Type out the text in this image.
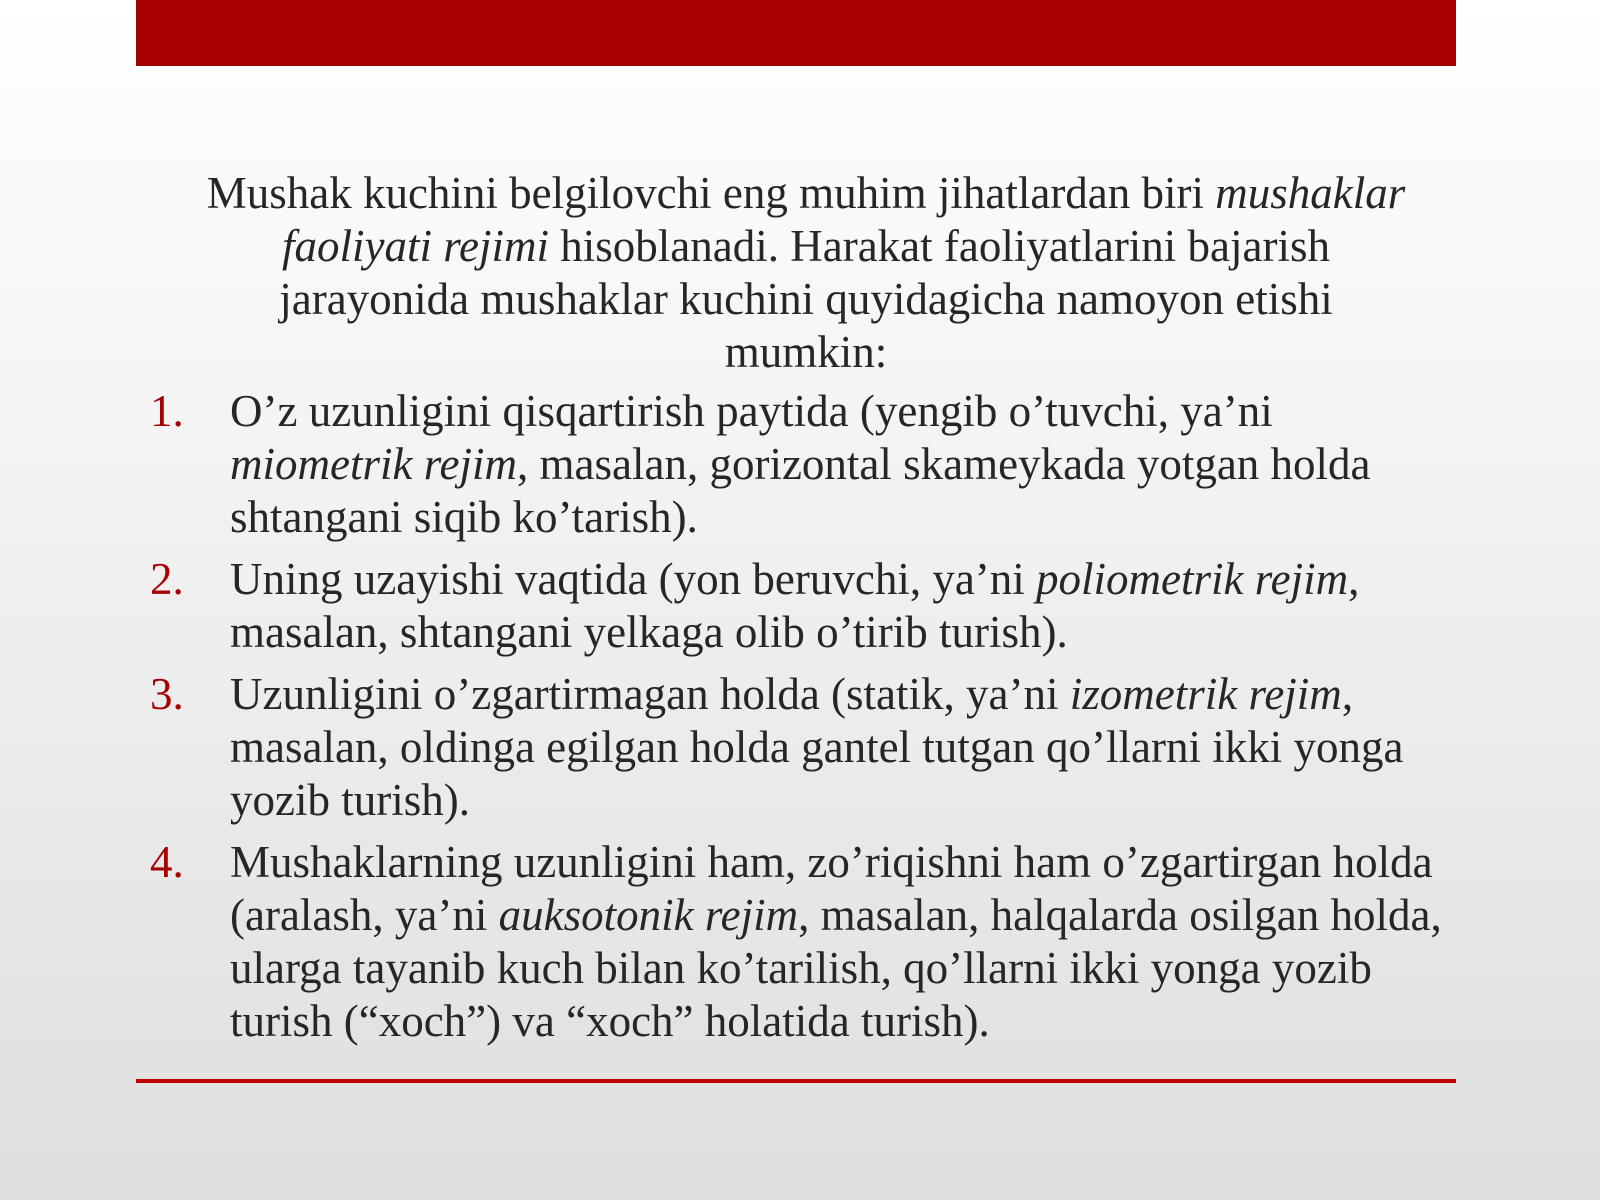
Mushak kuchini belgilovchi eng muhim jihatlardan biri mushaklar faoliyati rejimi hisoblanadi. Harakat faoliyatlarini bajarish jarayonida mushaklar kuchini quyidagicha namoyon etishi mumkin:

1. O’z uzunligini qisqartirish paytida (yengib o’tuvchi, ya’ni miometrik rejim, masalan, gorizontal skameykada yotgan holda shtangani siqib ko’tarish).
2. Uning uzayishi vaqtida (yon beruvchi, ya’ni poliometrik rejim, masalan, shtangani yelkaga olib o’tirib turish).
3. Uzunligini o’zgartirmagan holda (statik, ya’ni izometrik rejim, masalan, oldinga egilgan holda gantel tutgan qo’llarni ikki yonga yozib turish).
4. Mushaklarning uzunligini ham, zo’riqishni ham o’zgartirgan holda (aralash, ya’ni auksotonik rejim, masalan, halqalarda osilgan holda, ularga tayanib kuch bilan ko’tarilish, qo’llarni ikki yonga yozib turish (“xoch”) va “xoch” holatida turish).
